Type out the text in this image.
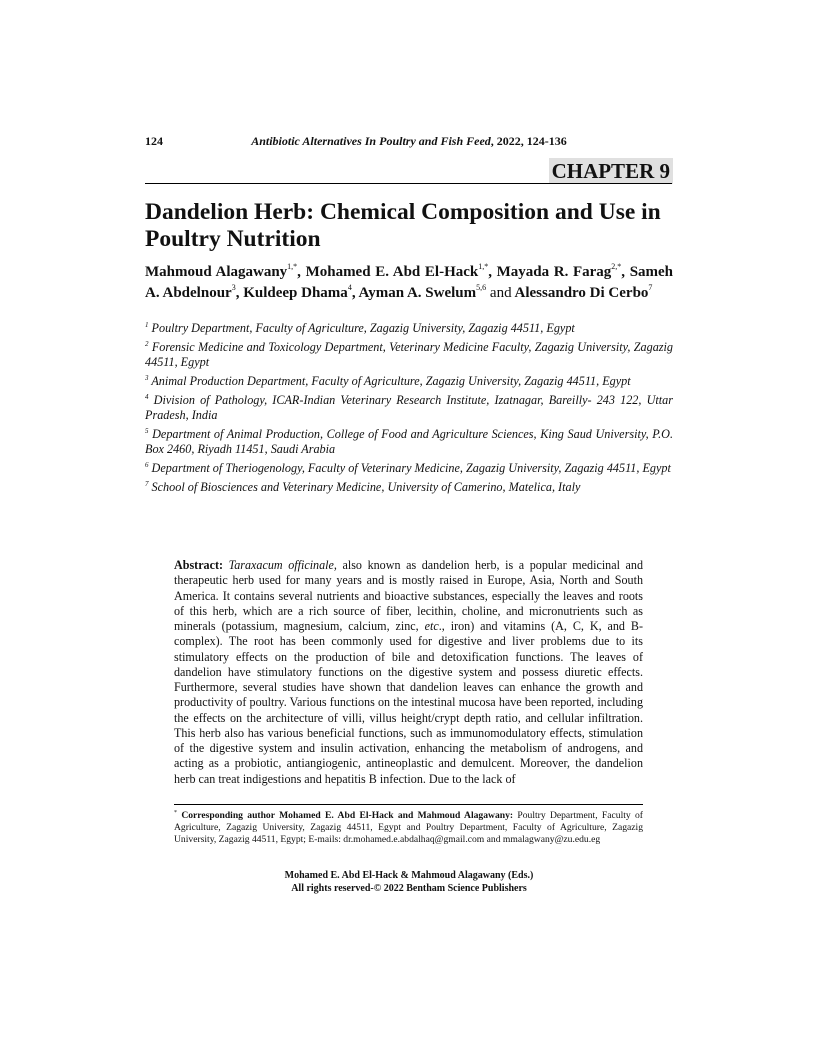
124	Antibiotic Alternatives In Poultry and Fish Feed, 2022, 124-136
CHAPTER 9
Dandelion Herb: Chemical Composition and Use in Poultry Nutrition
Mahmoud Alagawany$^{1,*}$, Mohamed E. Abd El-Hack$^{1,*}$, Mayada R. Farag$^{2,*}$, Sameh A. Abdelnour$^3$, Kuldeep Dhama$^4$, Ayman A. Swelum$^{5,6}$ and Alessandro Di Cerbo$^7$

$^1$ Poultry Department, Faculty of Agriculture, Zagazig University, Zagazig 44511, Egypt

$^2$ Forensic Medicine and Toxicology Department, Veterinary Medicine Faculty, Zagazig University, Zagazig 44511, Egypt

$^3$ Animal Production Department, Faculty of Agriculture, Zagazig University, Zagazig 44511, Egypt

$^4$ Division of Pathology, ICAR-Indian Veterinary Research Institute, Izatnagar, Bareilly- 243 122, Uttar Pradesh, India

$^5$ Department of Animal Production, College of Food and Agriculture Sciences, King Saud University, P.O. Box 2460, Riyadh 11451, Saudi Arabia

$^6$ Department of Theriogenology, Faculty of Veterinary Medicine, Zagazig University, Zagazig 44511, Egypt

$^7$ School of Biosciences and Veterinary Medicine, University of Camerino, Matelica, Italy

Abstract: Taraxacum officinale, also known as dandelion herb, is a popular medicinal and therapeutic herb used for many years and is mostly raised in Europe, Asia, North and South America. It contains several nutrients and bioactive substances, especially the leaves and roots of this herb, which are a rich source of fiber, lecithin, choline, and micronutrients such as minerals (potassium, magnesium, calcium, zinc, etc., iron) and vitamins (A, C, K, and B-complex). The root has been commonly used for digestive and liver problems due to its stimulatory effects on the production of bile and detoxification functions. The leaves of dandelion have stimulatory functions on the digestive system and possess diuretic effects. Furthermore, several studies have shown that dandelion leaves can enhance the growth and productivity of poultry. Various functions on the intestinal mucosa have been reported, including the effects on the architecture of villi, villus height/crypt depth ratio, and cellular infiltration. This herb also has various beneficial functions, such as immunomodulatory effects, stimulation of the digestive system and insulin activation, enhancing the metabolism of androgens, and acting as a probiotic, antiangiogenic, antineoplastic and demulcent. Moreover, the dandelion herb can treat indigestions and hepatitis B infection. Due to the lack of

* Corresponding author Mohamed E. Abd El-Hack and Mahmoud Alagawany: Poultry Department, Faculty of Agriculture, Zagazig University, Zagazig 44511, Egypt and Poultry Department, Faculty of Agriculture, Zagazig University, Zagazig 44511, Egypt; E-mails: dr.mohamed.e.abdalhaq@gmail.com and mmalagwany@zu.edu.eg

Mohamed E. Abd El-Hack & Mahmoud Alagawany (Eds.)
All rights reserved-© 2022 Bentham Science Publishers
